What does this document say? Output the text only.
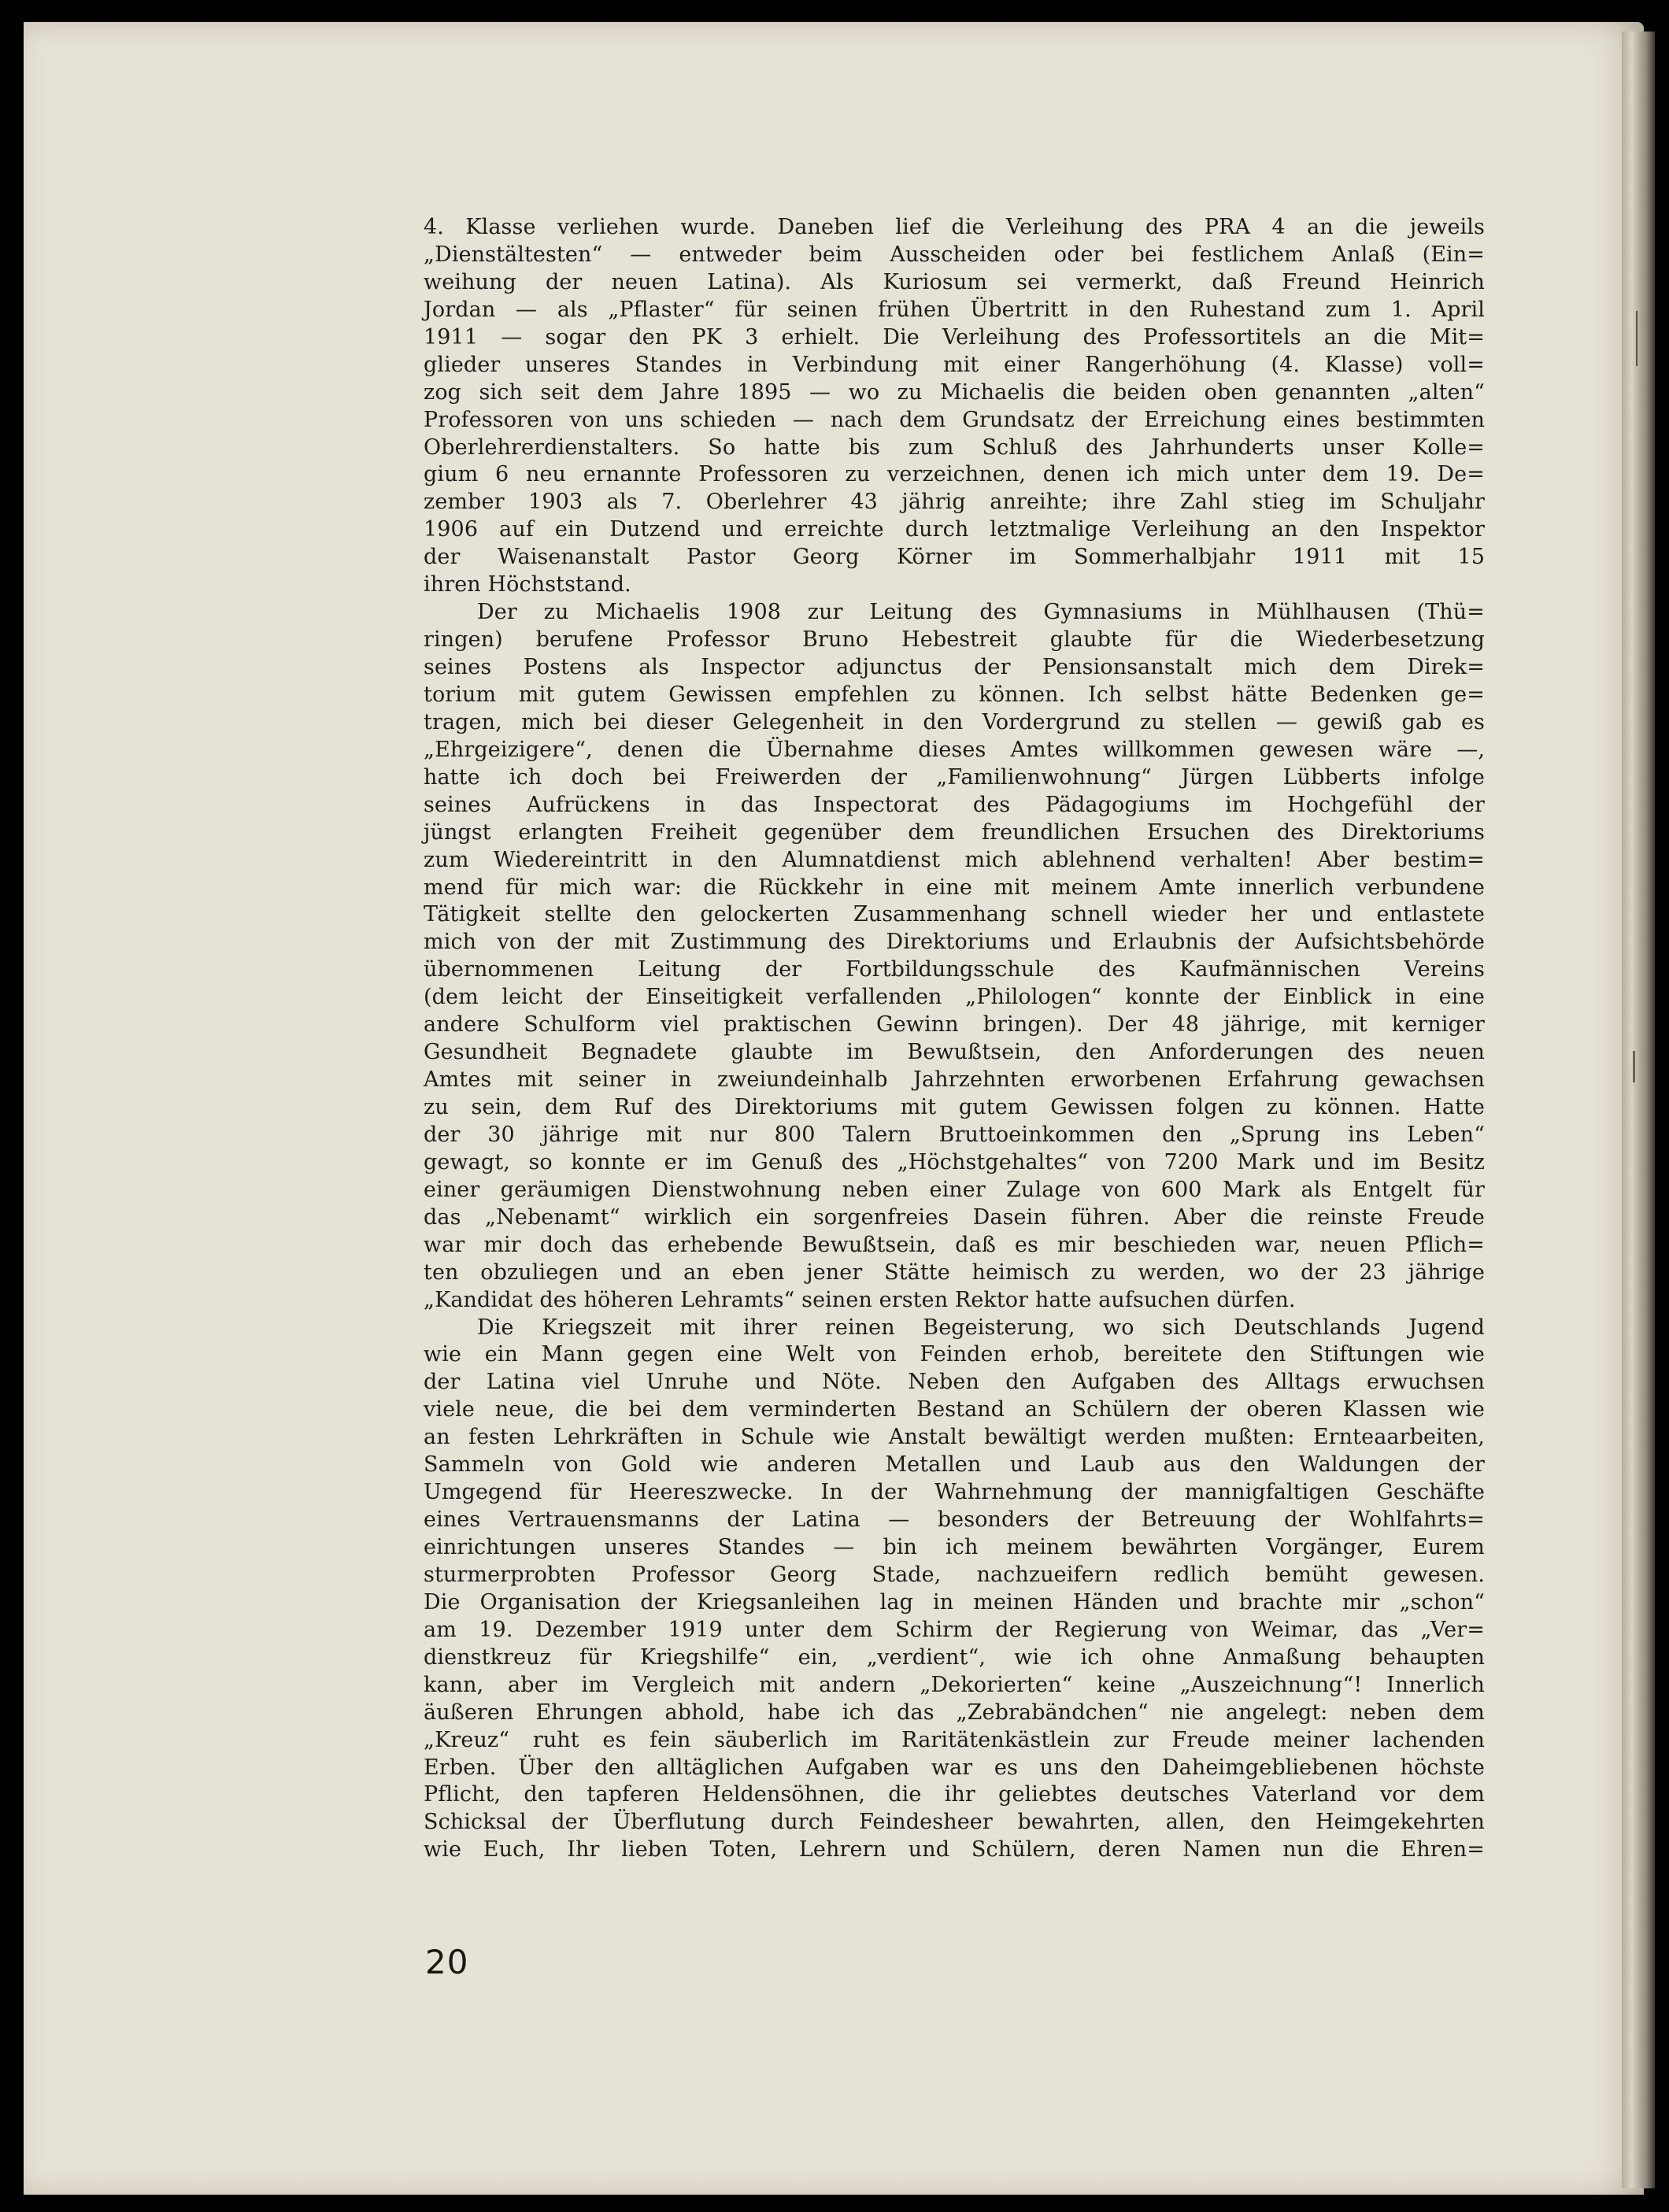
4. Klasse verliehen wurde. Daneben lief die Verleihung des PRA 4 an die jeweils
„Dienstältesten“ — entweder beim Ausscheiden oder bei festlichem Anlaß (Ein=
weihung der neuen Latina). Als Kuriosum sei vermerkt, daß Freund Heinrich
Jordan — als „Pflaster“ für seinen frühen Übertritt in den Ruhestand zum 1. April
1911 — sogar den PK 3 erhielt. Die Verleihung des Professortitels an die Mit=
glieder unseres Standes in Verbindung mit einer Rangerhöhung (4. Klasse) voll=
zog sich seit dem Jahre 1895 — wo zu Michaelis die beiden oben genannten „alten“
Professoren von uns schieden — nach dem Grundsatz der Erreichung eines bestimmten
Oberlehrerdienstalters. So hatte bis zum Schluß des Jahrhunderts unser Kolle=
gium 6 neu ernannte Professoren zu verzeichnen, denen ich mich unter dem 19. De=
zember 1903 als 7. Oberlehrer 43 jährig anreihte; ihre Zahl stieg im Schuljahr
1906 auf ein Dutzend und erreichte durch letztmalige Verleihung an den Inspektor
der Waisenanstalt Pastor Georg Körner im Sommerhalbjahr 1911 mit 15
ihren Höchststand.
Der zu Michaelis 1908 zur Leitung des Gymnasiums in Mühlhausen (Thü=
ringen) berufene Professor Bruno Hebestreit glaubte für die Wiederbesetzung
seines Postens als Inspector adjunctus der Pensionsanstalt mich dem Direk=
torium mit gutem Gewissen empfehlen zu können. Ich selbst hätte Bedenken ge=
tragen, mich bei dieser Gelegenheit in den Vordergrund zu stellen — gewiß gab es
„Ehrgeizigere“, denen die Übernahme dieses Amtes willkommen gewesen wäre —,
hatte ich doch bei Freiwerden der „Familienwohnung“ Jürgen Lübberts infolge
seines Aufrückens in das Inspectorat des Pädagogiums im Hochgefühl der
jüngst erlangten Freiheit gegenüber dem freundlichen Ersuchen des Direktoriums
zum Wiedereintritt in den Alumnatdienst mich ablehnend verhalten! Aber bestim=
mend für mich war: die Rückkehr in eine mit meinem Amte innerlich verbundene
Tätigkeit stellte den gelockerten Zusammenhang schnell wieder her und entlastete
mich von der mit Zustimmung des Direktoriums und Erlaubnis der Aufsichtsbehörde
übernommenen Leitung der Fortbildungsschule des Kaufmännischen Vereins
(dem leicht der Einseitigkeit verfallenden „Philologen“ konnte der Einblick in eine
andere Schulform viel praktischen Gewinn bringen). Der 48 jährige, mit kerniger
Gesundheit Begnadete glaubte im Bewußtsein, den Anforderungen des neuen
Amtes mit seiner in zweiundeinhalb Jahrzehnten erworbenen Erfahrung gewachsen
zu sein, dem Ruf des Direktoriums mit gutem Gewissen folgen zu können. Hatte
der 30 jährige mit nur 800 Talern Bruttoeinkommen den „Sprung ins Leben“
gewagt, so konnte er im Genuß des „Höchstgehaltes“ von 7200 Mark und im Besitz
einer geräumigen Dienstwohnung neben einer Zulage von 600 Mark als Entgelt für
das „Nebenamt“ wirklich ein sorgenfreies Dasein führen. Aber die reinste Freude
war mir doch das erhebende Bewußtsein, daß es mir beschieden war, neuen Pflich=
ten obzuliegen und an eben jener Stätte heimisch zu werden, wo der 23 jährige
„Kandidat des höheren Lehramts“ seinen ersten Rektor hatte aufsuchen dürfen.
Die Kriegszeit mit ihrer reinen Begeisterung, wo sich Deutschlands Jugend
wie ein Mann gegen eine Welt von Feinden erhob, bereitete den Stiftungen wie
der Latina viel Unruhe und Nöte. Neben den Aufgaben des Alltags erwuchsen
viele neue, die bei dem verminderten Bestand an Schülern der oberen Klassen wie
an festen Lehrkräften in Schule wie Anstalt bewältigt werden mußten: Ernteaarbeiten,
Sammeln von Gold wie anderen Metallen und Laub aus den Waldungen der
Umgegend für Heereszwecke. In der Wahrnehmung der mannigfaltigen Geschäfte
eines Vertrauensmanns der Latina — besonders der Betreuung der Wohlfahrts=
einrichtungen unseres Standes — bin ich meinem bewährten Vorgänger, Eurem
sturmerprobten Professor Georg Stade, nachzueifern redlich bemüht gewesen.
Die Organisation der Kriegsanleihen lag in meinen Händen und brachte mir „schon“
am 19. Dezember 1919 unter dem Schirm der Regierung von Weimar, das „Ver=
dienstkreuz für Kriegshilfe“ ein, „verdient“, wie ich ohne Anmaßung behaupten
kann, aber im Vergleich mit andern „Dekorierten“ keine „Auszeichnung“! Innerlich
äußeren Ehrungen abhold, habe ich das „Zebrabändchen“ nie angelegt: neben dem
„Kreuz“ ruht es fein säuberlich im Raritätenkästlein zur Freude meiner lachenden
Erben. Über den alltäglichen Aufgaben war es uns den Daheimgebliebenen höchste
Pflicht, den tapferen Heldensöhnen, die ihr geliebtes deutsches Vaterland vor dem
Schicksal der Überflutung durch Feindesheer bewahrten, allen, den Heimgekehrten
wie Euch, Ihr lieben Toten, Lehrern und Schülern, deren Namen nun die Ehren=
20
